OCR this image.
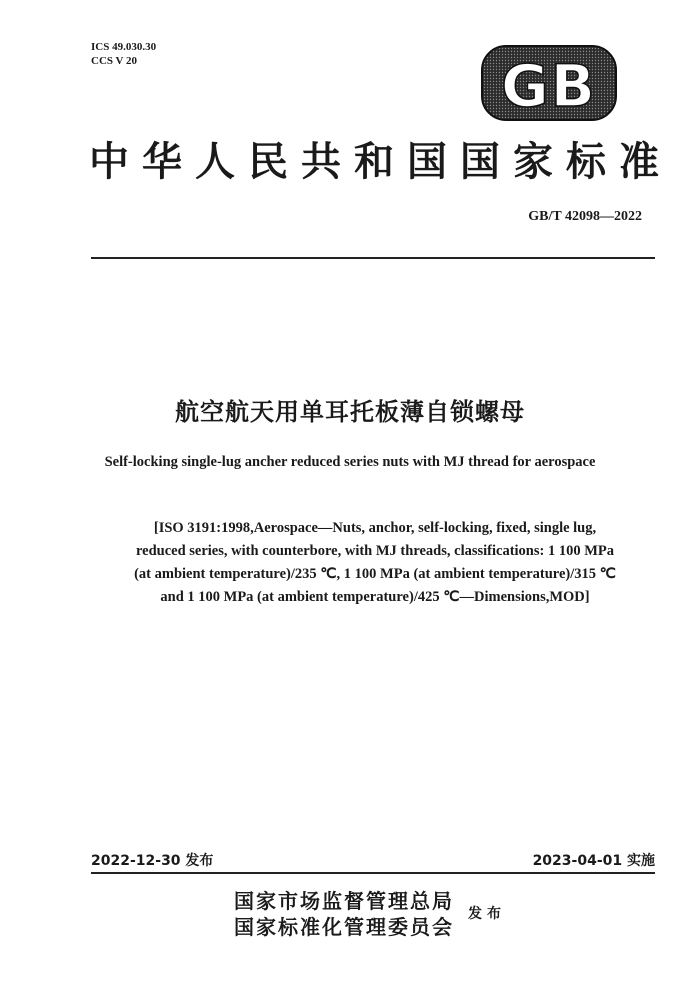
ICS 49.030.30
CCS V 20	GB
中华人民共和国国家标准
GB/T 42098—2022
航空航天用单耳托板薄自锁螺母
Self-locking single-lug ancher reduced series nuts with MJ thread for aerospace
[ISO 3191:1998,Aerospace—Nuts, anchor, self-locking, fixed, single lug,
reduced series, with counterbore, with MJ threads, classifications: 1 100 MPa
(at ambient temperature)/235 ℃, 1 100 MPa (at ambient temperature)/315 ℃
and 1 100 MPa (at ambient temperature)/425 ℃—Dimensions,MOD]
2022-12-30 发布	2023-04-01 实施
国家市场监督管理总局
国家标准化管理委员会
发布
